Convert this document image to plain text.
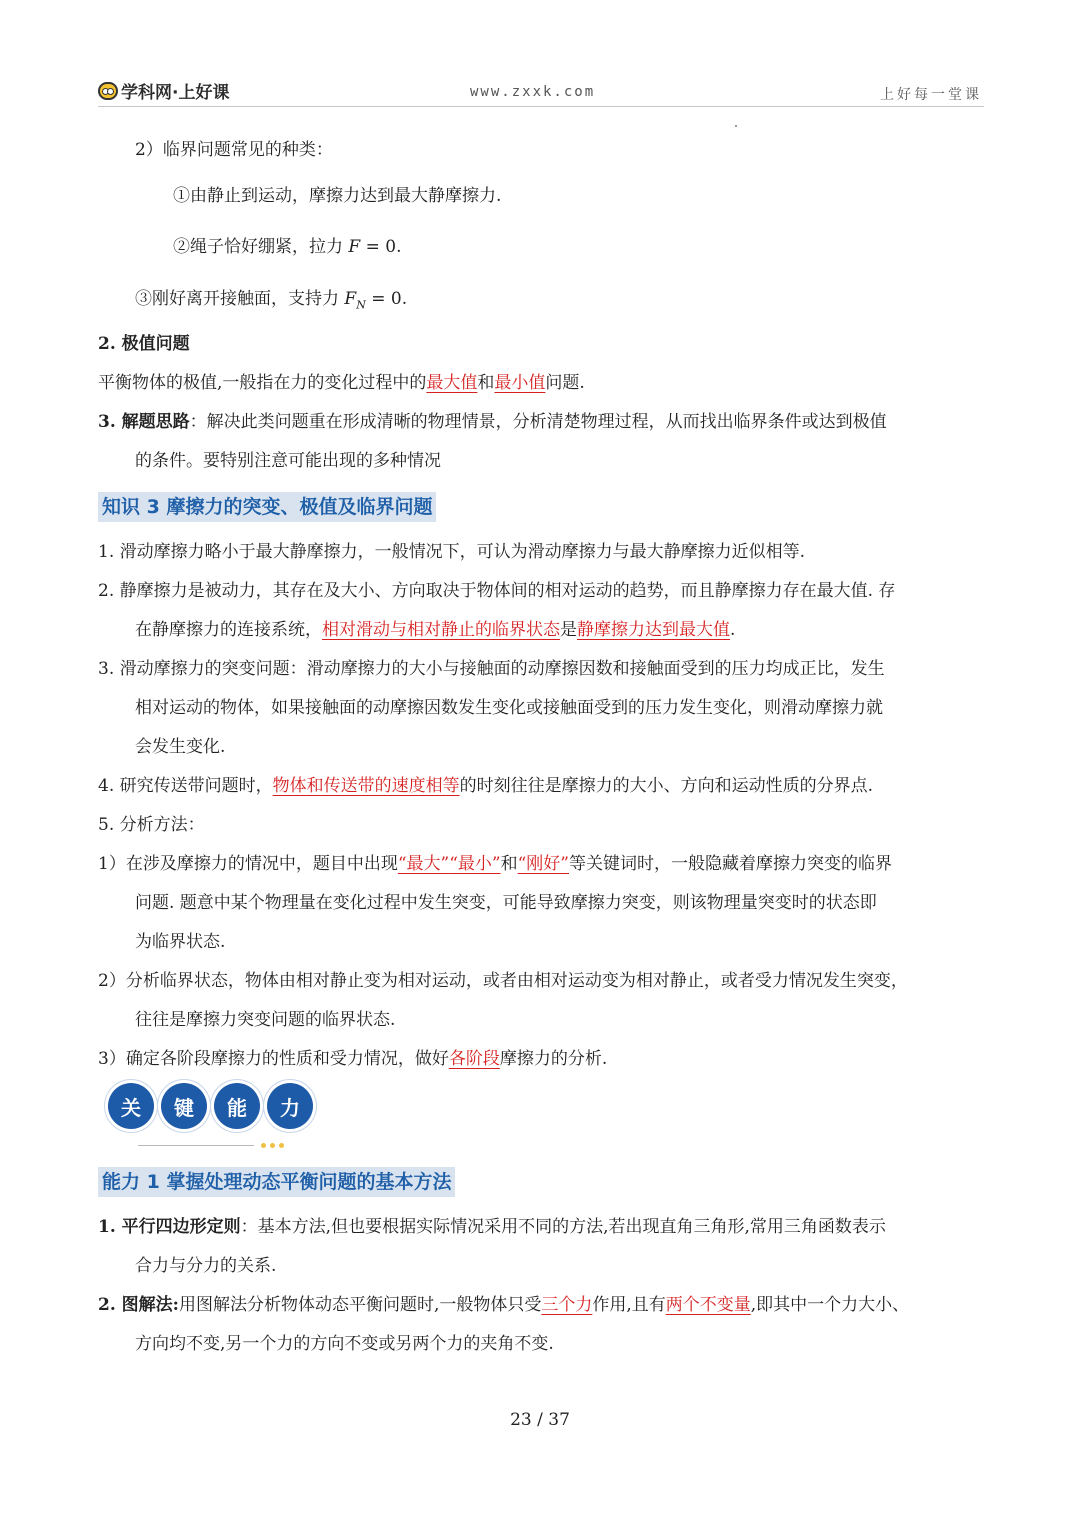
学科网·上好课	www.zxxk.com	上好每一堂课
2）临界问题常见的种类：
①由静止到运动，摩擦力达到最大静摩擦力.
②绳子恰好绷紧，拉力 F = 0.
③刚好离开接触面，支持力 $F_N = 0$.
2. 极值问题
平衡物体的极值,一般指在力的变化过程中的最大值和最小值问题.
3. 解题思路：解决此类问题重在形成清晰的物理情景，分析清楚物理过程，从而找出临界条件或达到极值
的条件。要特别注意可能出现的多种情况
知识 3 摩擦力的突变、极值及临界问题
1. 滑动摩擦力略小于最大静摩擦力，一般情况下，可认为滑动摩擦力与最大静摩擦力近似相等.
2. 静摩擦力是被动力，其存在及大小、方向取决于物体间的相对运动的趋势，而且静摩擦力存在最大值. 存
在静摩擦力的连接系统，相对滑动与相对静止的临界状态是静摩擦力达到最大值.
3. 滑动摩擦力的突变问题：滑动摩擦力的大小与接触面的动摩擦因数和接触面受到的压力均成正比，发生
相对运动的物体，如果接触面的动摩擦因数发生变化或接触面受到的压力发生变化，则滑动摩擦力就
会发生变化.
4. 研究传送带问题时，物体和传送带的速度相等的时刻往往是摩擦力的大小、方向和运动性质的分界点.
5. 分析方法：
1）在涉及摩擦力的情况中，题目中出现“最大”“最小”和“刚好”等关键词时，一般隐藏着摩擦力突变的临界
问题. 题意中某个物理量在变化过程中发生突变，可能导致摩擦力突变，则该物理量突变时的状态即
为临界状态.
2）分析临界状态，物体由相对静止变为相对运动，或者由相对运动变为相对静止，或者受力情况发生突变，
往往是摩擦力突变问题的临界状态.
3）确定各阶段摩擦力的性质和受力情况，做好各阶段摩擦力的分析.
关	键	能	力
能力 1 掌握处理动态平衡问题的基本方法
1. 平行四边形定则：基本方法,但也要根据实际情况采用不同的方法,若出现直角三角形,常用三角函数表示
合力与分力的关系.
2. 图解法:用图解法分析物体动态平衡问题时,一般物体只受三个力作用,且有两个不变量,即其中一个力大小、
方向均不变,另一个力的方向不变或另两个力的夹角不变.
23 / 37
